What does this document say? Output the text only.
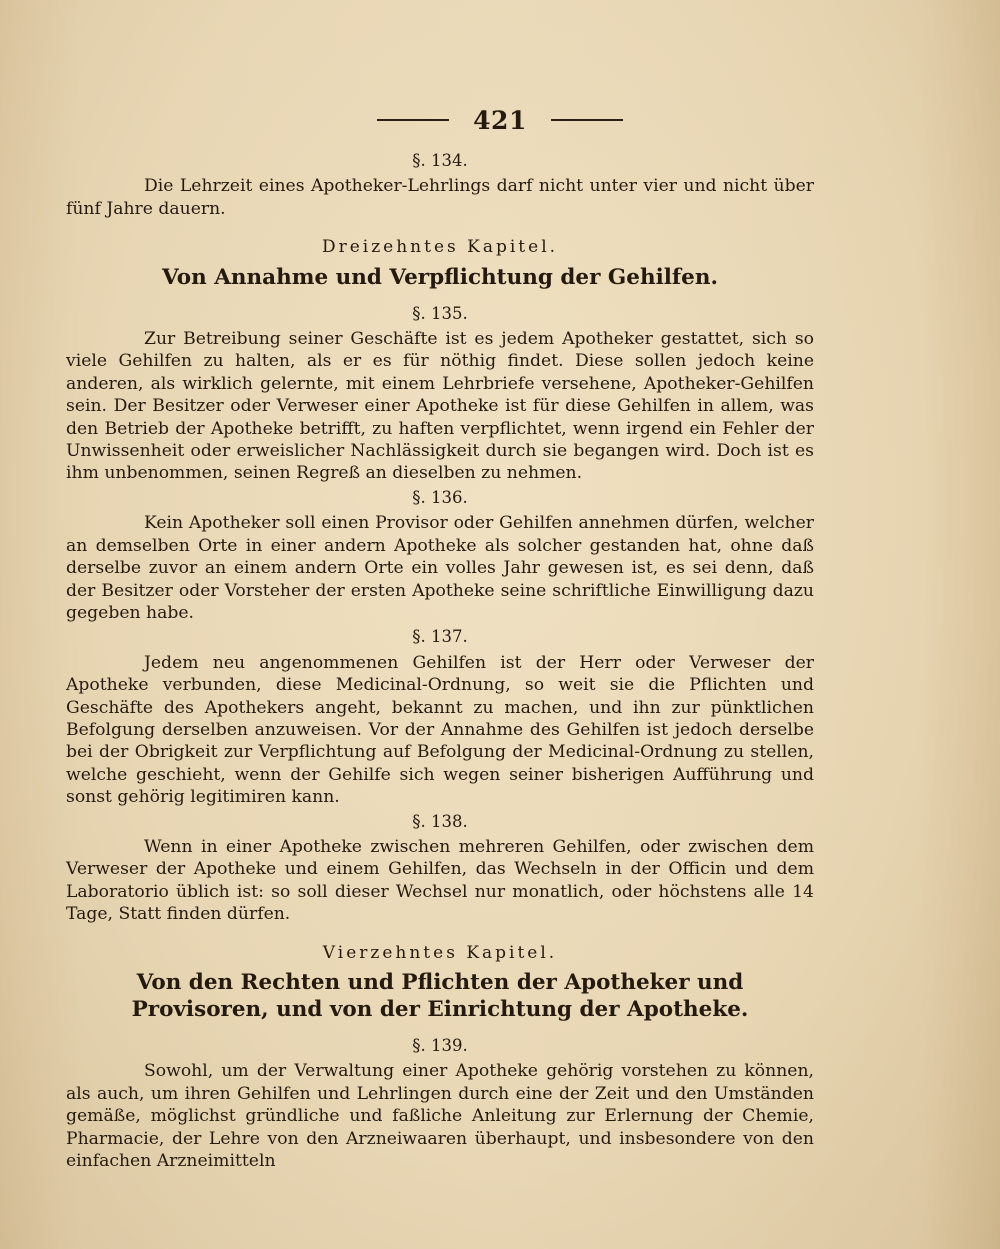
421
§. 134.

Die Lehrzeit eines Apotheker-Lehrlings darf nicht unter vier und nicht über fünf Jahre dauern.

Dreizehntes Kapitel.
Von Annahme und Verpflichtung der Gehilfen.
§. 135.

Zur Betreibung seiner Geschäfte ist es jedem Apotheker gestattet, sich so viele Gehilfen zu halten, als er es für nöthig findet. Diese sollen jedoch keine anderen, als wirklich gelernte, mit einem Lehrbriefe versehene, Apotheker-Gehilfen sein. Der Besitzer oder Verweser einer Apotheke ist für diese Gehilfen in allem, was den Betrieb der Apotheke betrifft, zu haften verpflichtet, wenn irgend ein Fehler der Unwissenheit oder erweislicher Nachlässigkeit durch sie begangen wird. Doch ist es ihm unbenommen, seinen Regreß an dieselben zu nehmen.

§. 136.

Kein Apotheker soll einen Provisor oder Gehilfen annehmen dürfen, welcher an demselben Orte in einer andern Apotheke als solcher gestanden hat, ohne daß derselbe zuvor an einem andern Orte ein volles Jahr gewesen ist, es sei denn, daß der Besitzer oder Vorsteher der ersten Apotheke seine schriftliche Einwilligung dazu gegeben habe.

§. 137.

Jedem neu angenommenen Gehilfen ist der Herr oder Verweser der Apotheke verbunden, diese Medicinal-Ordnung, so weit sie die Pflichten und Geschäfte des Apothekers angeht, bekannt zu machen, und ihn zur pünktlichen Befolgung derselben anzuweisen. Vor der Annahme des Gehilfen ist jedoch derselbe bei der Obrigkeit zur Verpflichtung auf Befolgung der Medicinal-Ordnung zu stellen, welche geschieht, wenn der Gehilfe sich wegen seiner bisherigen Aufführung und sonst gehörig legitimiren kann.

§. 138.

Wenn in einer Apotheke zwischen mehreren Gehilfen, oder zwischen dem Verweser der Apotheke und einem Gehilfen, das Wechseln in der Officin und dem Laboratorio üblich ist: so soll dieser Wechsel nur monatlich, oder höchstens alle 14 Tage, Statt finden dürfen.

Vierzehntes Kapitel.
Von den Rechten und Pflichten der Apotheker und Provisoren, und von der Einrichtung der Apotheke.
§. 139.

Sowohl, um der Verwaltung einer Apotheke gehörig vorstehen zu können, als auch, um ihren Gehilfen und Lehrlingen durch eine der Zeit und den Umständen gemäße, möglichst gründliche und faßliche Anleitung zur Erlernung der Chemie, Pharmacie, der Lehre von den Arzneiwaaren überhaupt, und insbesondere von den einfachen Arzneimitteln
